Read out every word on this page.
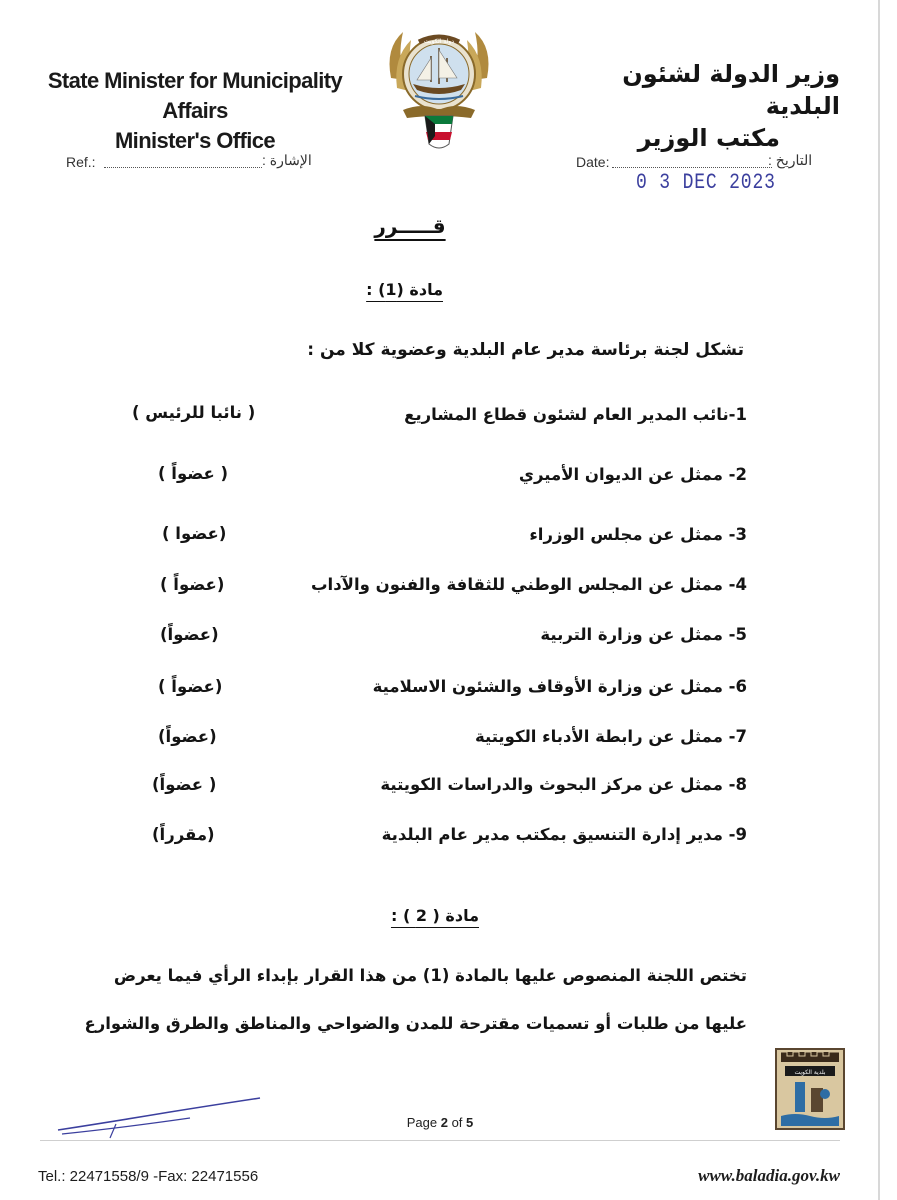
State Minister for Municipality Affairs
Minister's Office
دولة الكويت
وزير الدولة لشئون البلدية
مكتب الوزير
Ref.:	الإشارة :	Date:	التاريخ :
0 3 DEC 2023
قـــــرر
مادة (1) :
تشكل لجنة برئاسة مدير عام البلدية وعضوية كلا من :
1-نائب المدير العام لشئون قطاع المشاريع
( نائبا للرئيس )
2- ممثل عن الديوان الأميري
( عضواً )
3- ممثل عن مجلس الوزراء
(عضوا )
4- ممثل عن المجلس الوطني للثقافة والفنون والآداب
(عضواً )
5- ممثل عن وزارة التربية
(عضواً)
6- ممثل عن وزارة الأوقاف والشئون الاسلامية
(عضواً )
7- ممثل عن رابطة الأدباء الكويتية
(عضواً)
8- ممثل عن مركز البحوث والدراسات الكويتية
( عضواً)
9- مدير إدارة التنسيق بمكتب مدير عام البلدية
(مقرراً)
مادة ( 2 ) :
تختص اللجنة المنصوص عليها بالمادة (1) من هذا القرار بإبداء الرأي فيما يعرض
عليها من طلبات أو تسميات مقترحة للمدن والضواحي والمناطق والطرق والشوارع
بلدية الكويت
Page 2 of 5
Tel.: 22471558/9 -Fax: 22471556	www.baladia.gov.kw
